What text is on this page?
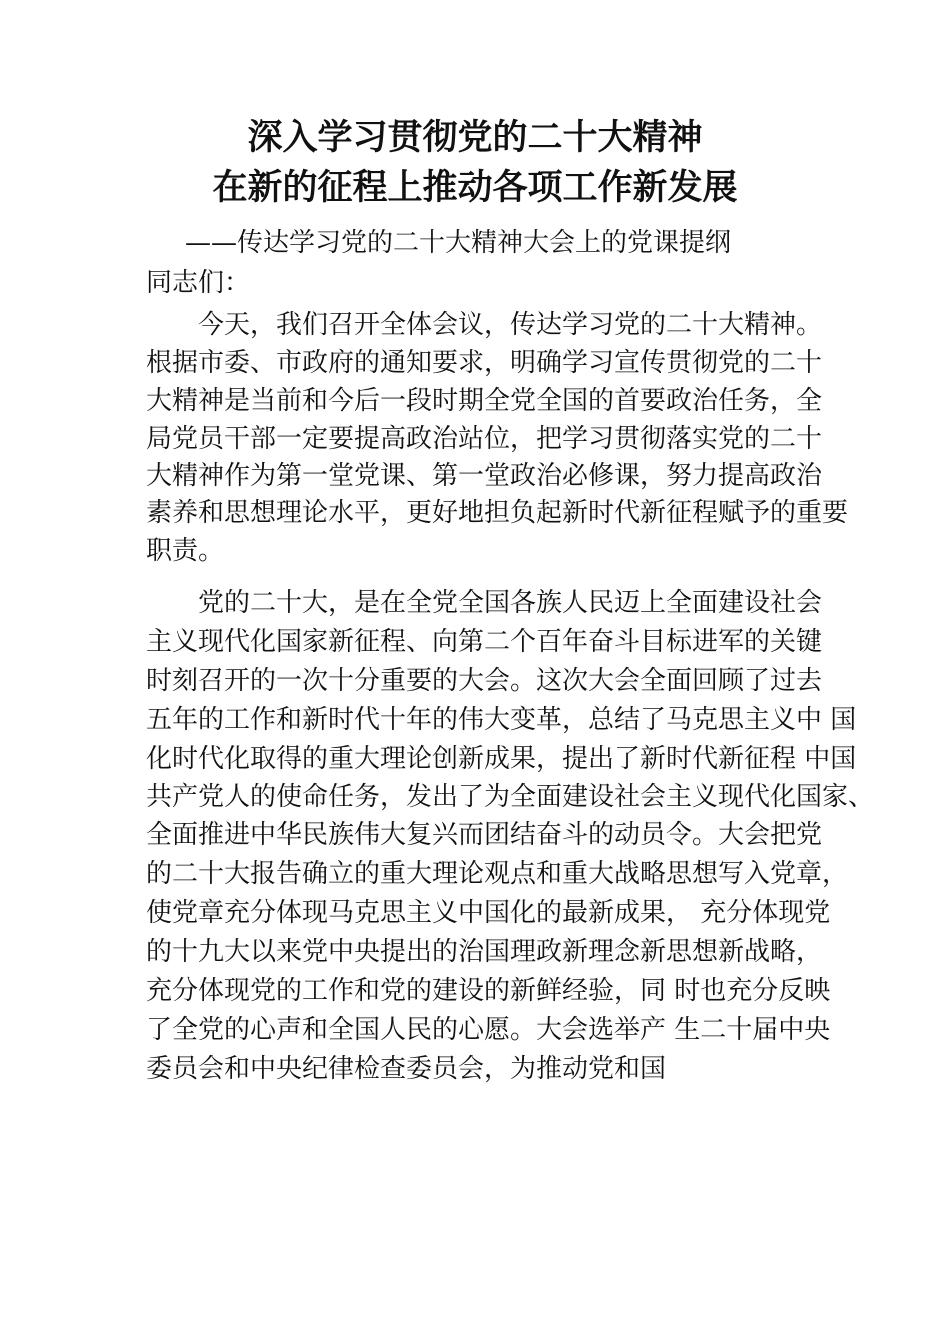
深入学习贯彻党的二十大精神
在新的征程上推动各项工作新发展
——传达学习党的二十大精神大会上的党课提纲
同志们：
　　今天，我们召开全体会议，传达学习党的二十大精神。
根据市委、市政府的通知要求，明确学习宣传贯彻党的二十
大精神是当前和今后一段时期全党全国的首要政治任务，全
局党员干部一定要提高政治站位，把学习贯彻落实党的二十
大精神作为第一堂党课、第一堂政治必修课，努力提高政治
素养和思想理论水平，更好地担负起新时代新征程赋予的重要
职责。
　　党的二十大，是在全党全国各族人民迈上全面建设社会
主义现代化国家新征程、向第二个百年奋斗目标进军的关键
时刻召开的一次十分重要的大会。这次大会全面回顾了过去
五年的工作和新时代十年的伟大变革，总结了马克思主义中 国
化时代化取得的重大理论创新成果，提出了新时代新征程 中国
共产党人的使命任务，发出了为全面建设社会主义现代化国家、
全面推进中华民族伟大复兴而团结奋斗的动员令。大会把党
的二十大报告确立的重大理论观点和重大战略思想写入党章，
使党章充分体现马克思主义中国化的最新成果， 充分体现党
的十九大以来党中央提出的治国理政新理念新思想新战略，
充分体现党的工作和党的建设的新鲜经验，同 时也充分反映
了全党的心声和全国人民的心愿。大会选举产 生二十届中央
委员会和中央纪律检查委员会，为推动党和国
